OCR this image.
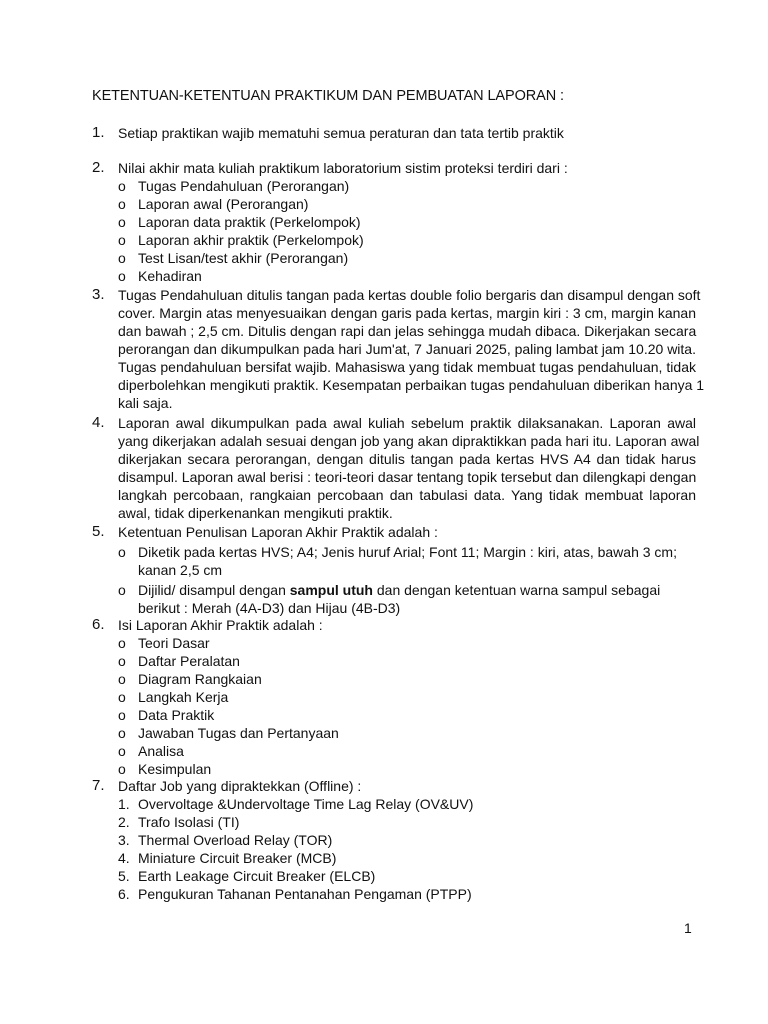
KETENTUAN-KETENTUAN PRAKTIKUM DAN PEMBUATAN LAPORAN :
1. Setiap praktikan wajib mematuhi semua peraturan dan tata tertib praktik
2. Nilai akhir mata kuliah praktikum laboratorium sistim proteksi terdiri dari :
o Tugas Pendahuluan (Perorangan)
o Laporan awal (Perorangan)
o Laporan data praktik (Perkelompok)
o Laporan akhir praktik (Perkelompok)
o Test Lisan/test akhir (Perorangan)
o Kehadiran
3. Tugas Pendahuluan ditulis tangan pada kertas double folio bergaris dan disampul dengan soft
cover. Margin atas menyesuaikan dengan garis pada kertas, margin kiri : 3 cm, margin kanan
dan bawah ; 2,5 cm. Ditulis dengan rapi dan jelas sehingga mudah dibaca. Dikerjakan secara
perorangan dan dikumpulkan pada hari Jum'at, 7 Januari 2025, paling lambat jam 10.20 wita.
Tugas pendahuluan bersifat wajib. Mahasiswa yang tidak membuat tugas pendahuluan, tidak
diperbolehkan mengikuti praktik. Kesempatan perbaikan tugas pendahuluan diberikan hanya 1
kali saja.
4. Laporan awal dikumpulkan pada awal kuliah sebelum praktik dilaksanakan. Laporan awal
yang dikerjakan adalah sesuai dengan job yang akan dipraktikkan pada hari itu. Laporan awal
dikerjakan secara perorangan, dengan ditulis tangan pada kertas HVS A4 dan tidak harus
disampul. Laporan awal berisi : teori-teori dasar tentang topik tersebut dan dilengkapi dengan
langkah percobaan, rangkaian percobaan dan tabulasi data. Yang tidak membuat laporan
awal, tidak diperkenankan mengikuti praktik.
5. Ketentuan Penulisan Laporan Akhir Praktik adalah :
o Diketik pada kertas HVS; A4; Jenis huruf Arial; Font 11; Margin : kiri, atas, bawah 3 cm;
kanan 2,5 cm
o Dijilid/ disampul dengan sampul utuh dan dengan ketentuan warna sampul sebagai
berikut : Merah (4A-D3) dan Hijau (4B-D3)
6. Isi Laporan Akhir Praktik adalah :
o Teori Dasar
o Daftar Peralatan
o Diagram Rangkaian
o Langkah Kerja
o Data Praktik
o Jawaban Tugas dan Pertanyaan
o Analisa
o Kesimpulan
7. Daftar Job yang dipraktekkan (Offline) :
1. Overvoltage &Undervoltage Time Lag Relay (OV&UV)
2. Trafo Isolasi (TI)
3. Thermal Overload Relay (TOR)
4. Miniature Circuit Breaker (MCB)
5. Earth Leakage Circuit Breaker (ELCB)
6. Pengukuran Tahanan Pentanahan Pengaman (PTPP)
1
